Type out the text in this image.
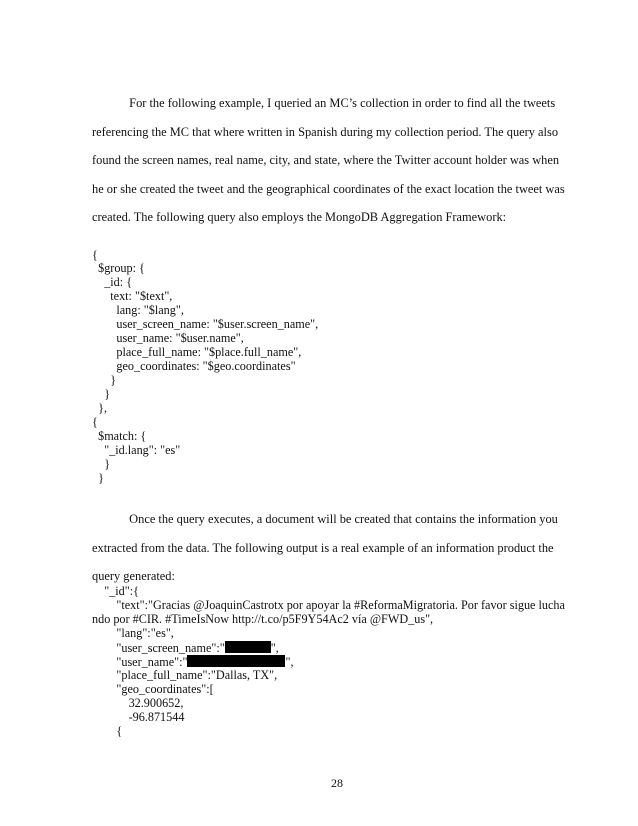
For the following example, I queried an MC’s collection in order to find all the tweets
referencing the MC that where written in Spanish during my collection period. The query also
found the screen names, real name, city, and state, where the Twitter account holder was when
he or she created the tweet and the geographical coordinates of the exact location the tweet was
created. The following query also employs the MongoDB Aggregation Framework:
{
$group: {
_id: {
text: "$text",
lang: "$lang",
user_screen_name: "$user.screen_name",
user_name: "$user.name",
place_full_name: "$place.full_name",
geo_coordinates: "$geo.coordinates"
}
}
},
{
$match: {
"_id.lang": "es"
}
}
Once the query executes, a document will be created that contains the information you
extracted from the data. The following output is a real example of an information product the
query generated:
"_id":{
"text":"Gracias @JoaquinCastrotx por apoyar la #ReformaMigratoria. Por favor sigue lucha
ndo por #CIR. #TimeIsNow http://t.co/p5F9Y54Ac2 vía @FWD_us",
"lang":"es",
"user_screen_name":"	",
"user_name":"	",
"place_full_name":"Dallas, TX",
"geo_coordinates":[
32.900652,
-96.871544
{
28
